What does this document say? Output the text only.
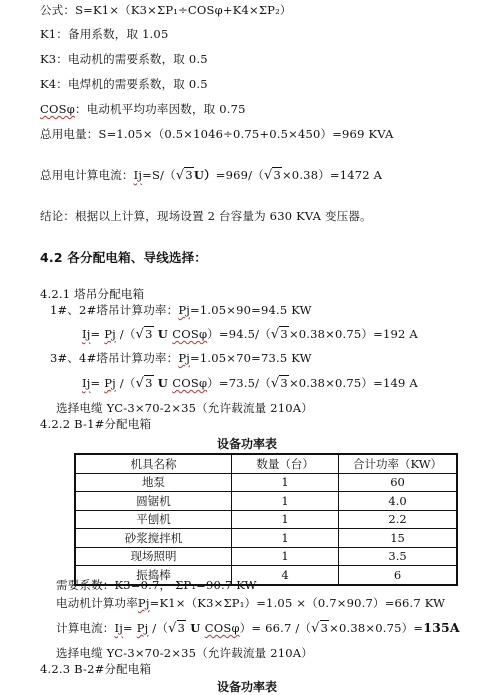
公式：S=K1×（K3×ΣP₁÷COSφ+K4×ΣP₂）
K1：备用系数，取 1.05
K3：电动机的需要系数，取 0.5
K4：电焊机的需要系数，取 0.5
COSφ：电动机平均功率因数，取 0.75
总用电量：S=1.05×（0.5×1046÷0.75+0.5×450）=969 KVA
总用电计算电流：Ij=S/（√3U）=969/（√3×0.38）=1472 A
结论：根据以上计算，现场设置 2 台容量为 630 KVA 变压器。
4.2 各分配电箱、导线选择：
4.2.1 塔吊分配电箱
1#、2#塔吊计算功率：Pj=1.05×90=94.5 KW
Ij= Pj /（√3 U COSφ）=94.5/（√3×0.38×0.75）=192 A
3#、4#塔吊计算功率：Pj=1.05×70=73.5 KW
Ij= Pj /（√3 U COSφ）=73.5/（√3×0.38×0.75）=149 A
选择电缆 YC-3×70-2×35（允许载流量 210A）
4.2.2 B-1#分配电箱
设备功率表
机具名称	数量（台）	合计功率（KW）
地泵	1	60
圆锯机	1	4.0
平刨机	1	2.2
砂浆搅拌机	1	15
现场照明	1	3.5
振捣棒	4	6
需要系数：K3=0.7， ΣP₁=90.7 KW
电动机计算功率Pj=K1×（K3×ΣP₁）=1.05 ×（0.7×90.7）=66.7 KW
计算电流：Ij= Pj /（√3 U COSφ）= 66.7 /（√3×0.38×0.75）=135A
选择电缆 YC-3×70-2×35（允许载流量 210A）
4.2.3 B-2#分配电箱
设备功率表
